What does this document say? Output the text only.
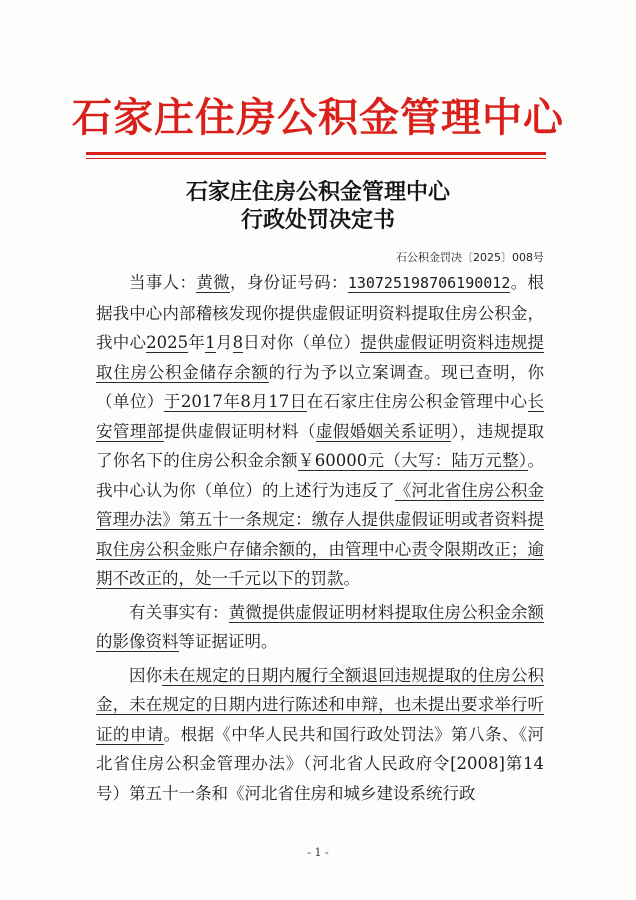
石家庄住房公积金管理中心
石家庄住房公积金管理中心
行政处罚决定书
石公积金罚决〔2025〕008号

当事人：黄微，身份证号码：130725198706190012。根据我中心内部稽核发现你提供虚假证明资料提取住房公积金，我中心2025年1月8日对你（单位）提供虚假证明资料违规提取住房公积金储存余额的行为予以立案调查。现已查明，你（单位）于2017年8月17日在石家庄住房公积金管理中心长安管理部提供虚假证明材料（虚假婚姻关系证明），违规提取了你名下的住房公积金余额￥60000元（大写：陆万元整）。我中心认为你（单位）的上述行为违反了《河北省住房公积金管理办法》第五十一条规定：缴存人提供虚假证明或者资料提取住房公积金账户存储余额的，由管理中心责令限期改正；逾期不改正的，处一千元以下的罚款。

有关事实有：黄微提供虚假证明材料提取住房公积金余额的影像资料等证据证明。

因你未在规定的日期内履行全额退回违规提取的住房公积金，未在规定的日期内进行陈述和申辩，也未提出要求举行听证的申请。根据《中华人民共和国行政处罚法》第八条、《河北省住房公积金管理办法》（河北省人民政府令[2008]第14号）第五十一条和《河北省住房和城乡建设系统行政

- 1 -
